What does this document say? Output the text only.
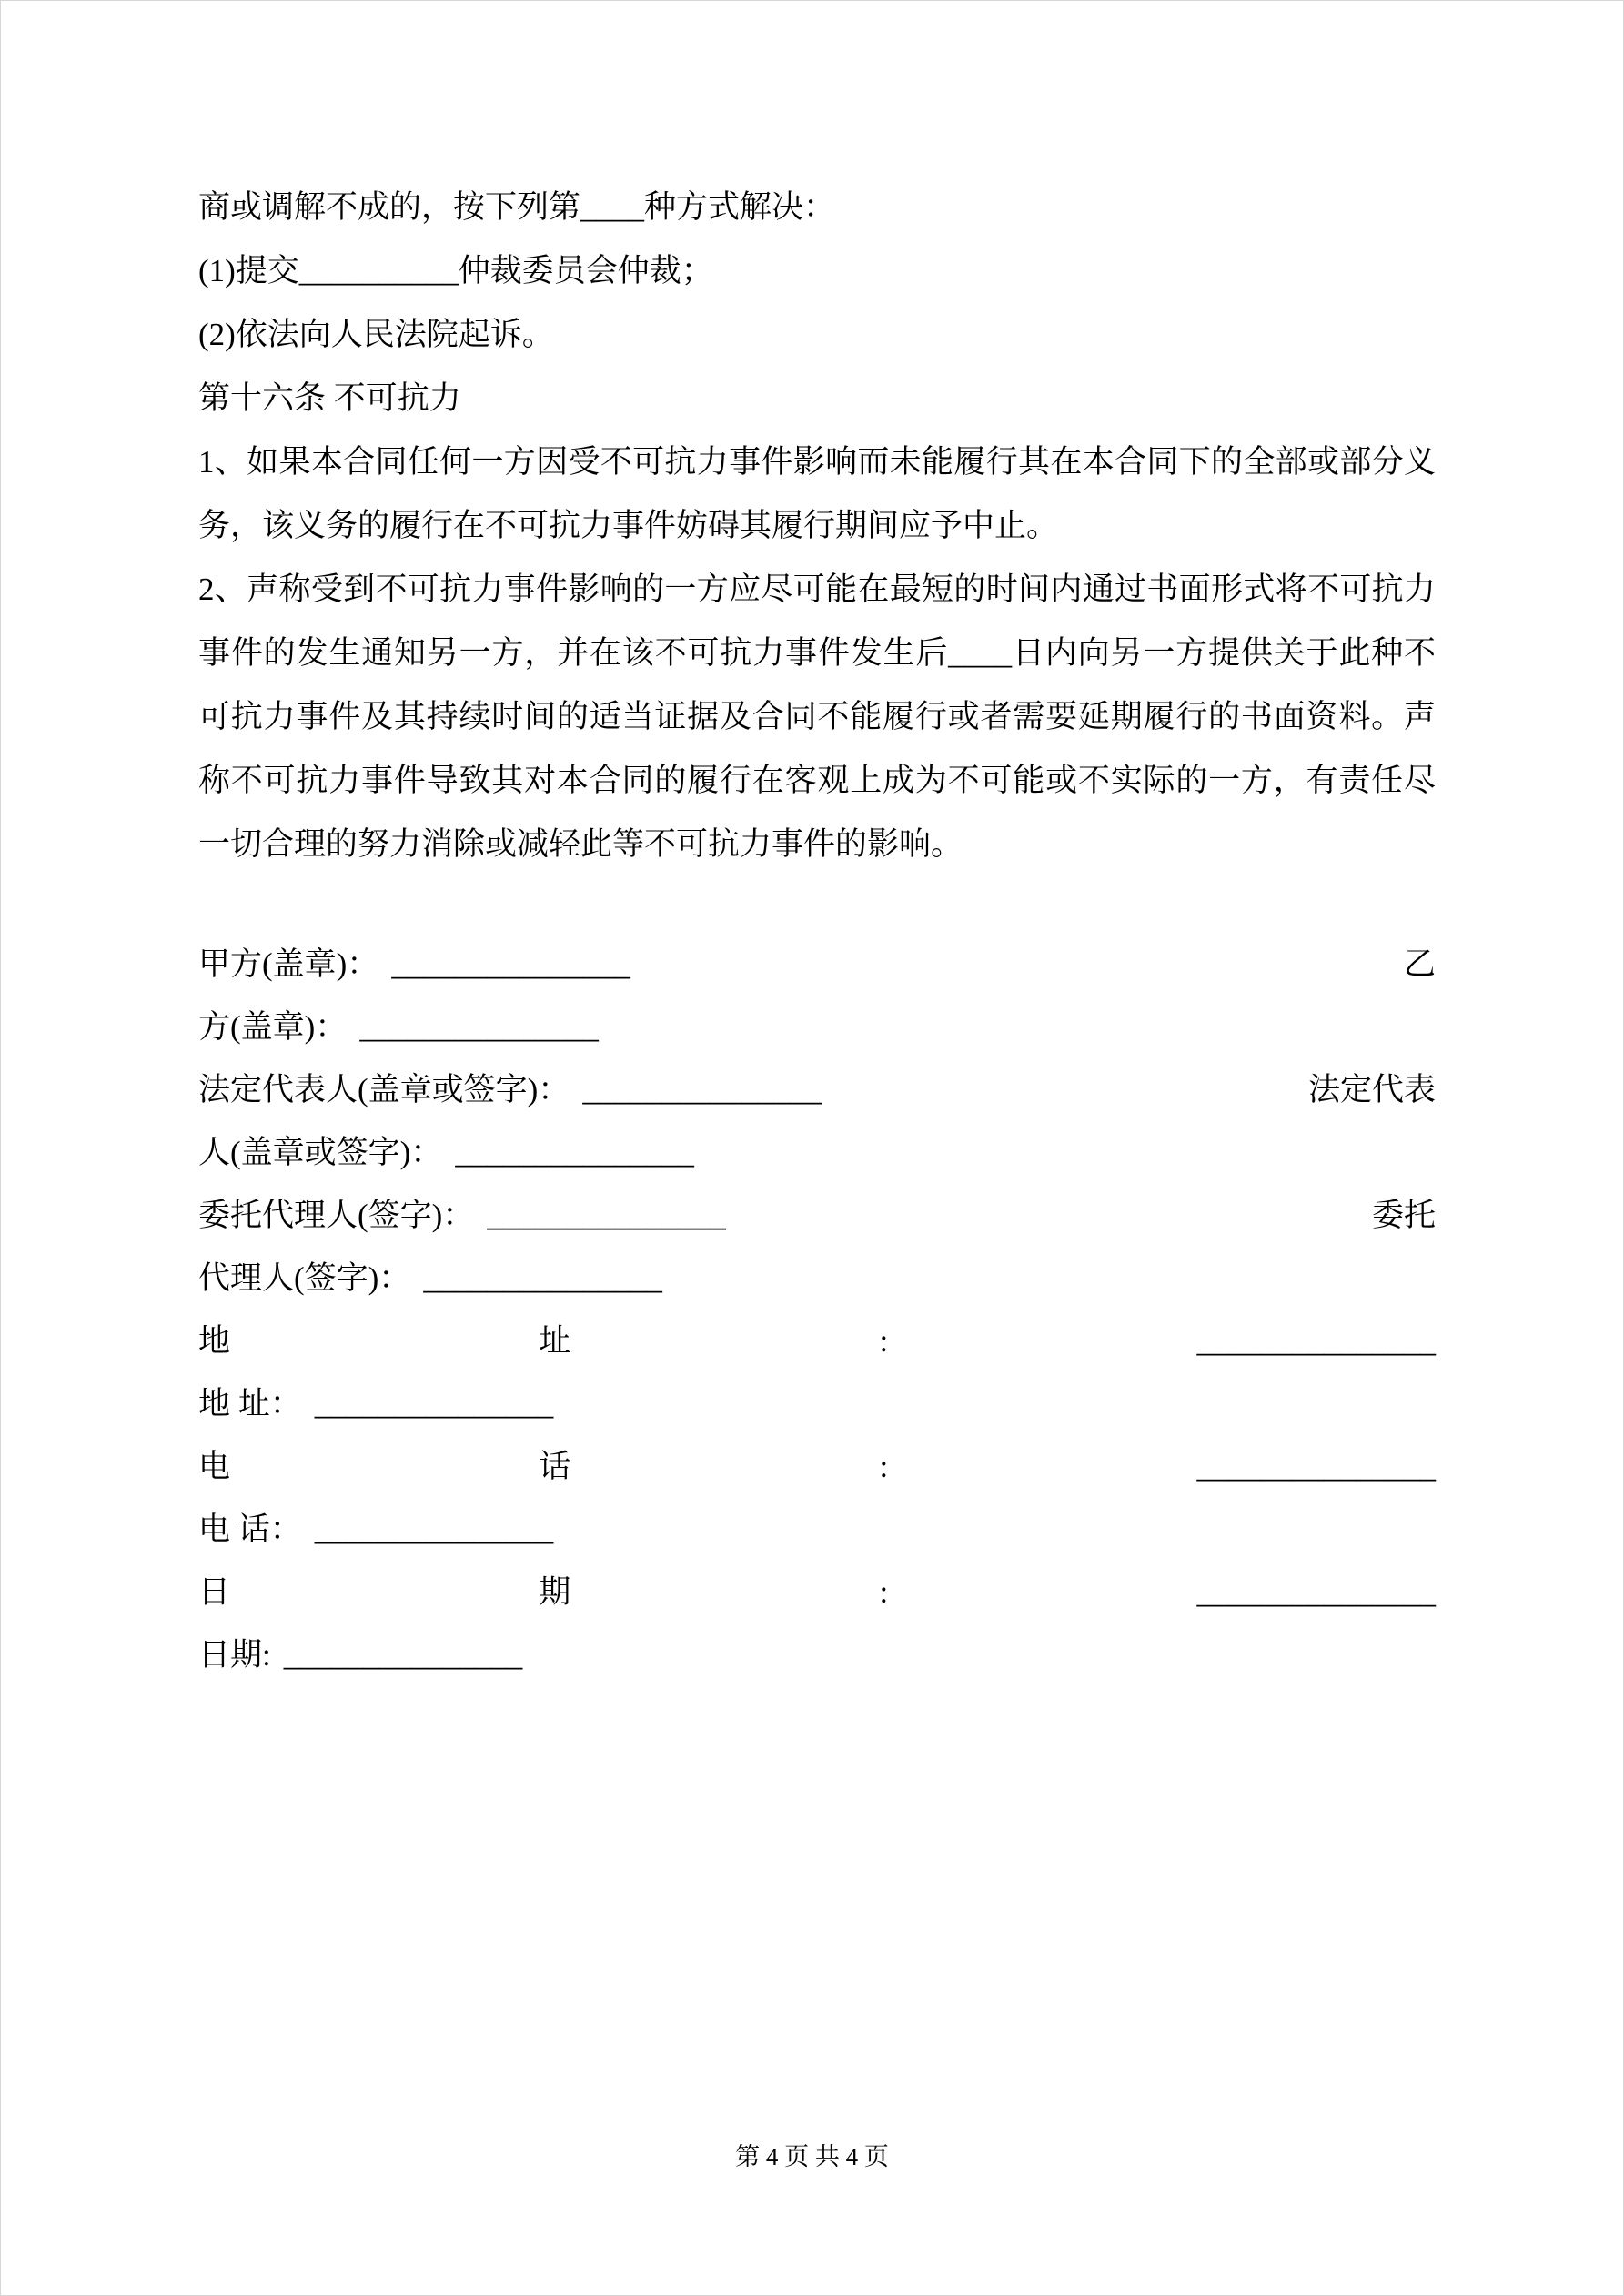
商或调解不成的，按下列第____种方式解决：

(1)提交__________仲裁委员会仲裁；

(2)依法向人民法院起诉。

第十六条 不可抗力

1、如果本合同任何一方因受不可抗力事件影响而未能履行其在本合同下的全部或部分义务，该义务的履行在不可抗力事件妨碍其履行期间应予中止。

2、声称受到不可抗力事件影响的一方应尽可能在最短的时间内通过书面形式将不可抗力事件的发生通知另一方，并在该不可抗力事件发生后____日内向另一方提供关于此种不可抗力事件及其持续时间的适当证据及合同不能履行或者需要延期履行的书面资料。声称不可抗力事件导致其对本合同的履行在客观上成为不可能或不实际的一方，有责任尽一切合理的努力消除或减轻此等不可抗力事件的影响。

甲方(盖章)： _______________	乙
方(盖章)： _______________
法定代表人(盖章或签字)： _______________	法定代表
人(盖章或签字)： _______________
委托代理人(签字)： _______________	委托
代理人(签字)： _______________
地	址	:	_______________
地 址： _______________
电	话	:	_______________
电 话： _______________
日	期	:	_______________
日期: _______________
第 4 页 共 4 页
